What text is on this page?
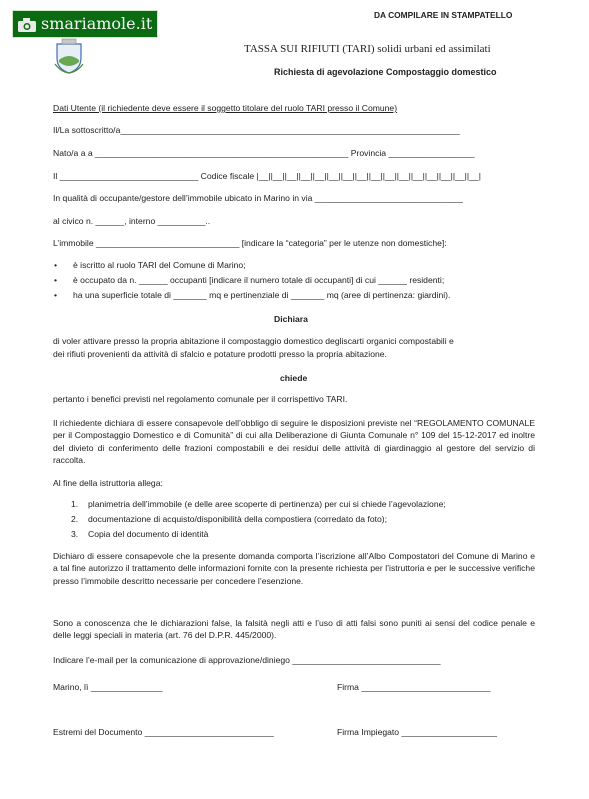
smariamole.it	DA COMPILARE IN STAMPATELLO
TASSA SUI RIFIUTI (TARI) solidi urbani ed assimilati
Richiesta di agevolazione Compostaggio domestico
Dati Utente (il richiedente deve essere il soggetto titolare del ruolo TARI presso il Comune)
Il/La sottoscritto/a_______________________________________________________________________
Nato/a a a _____________________________________________________ Provincia __________________
Il _____________________________ Codice fiscale |__||__||__||__||__||__||__||__||__||__||__||__||__||__||__||__|
In qualità di occupante/gestore dell’immobile ubicato in Marino in via _______________________________
al civico n. ______, interno __________..
L’immobile ______________________________ [indicare la “categoria” per le utenze non domestiche]:
• è iscritto al ruolo TARI del Comune di Marino;
• è occupato da n. ______ occupanti [indicare il numero totale di occupanti] di cui ______ residenti;
• ha una superficie totale di _______ mq e pertinenziale di _______ mq (aree di pertinenza: giardini).
Dichiara
di voler attivare presso la propria abitazione il compostaggio domestico degliscarti organici compostabili e
dei rifiuti provenienti da attività di sfalcio e potature prodotti presso la propria abitazione.
chiede
pertanto i benefici previsti nel regolamento comunale per il corrispettivo TARI.
Il richiedente dichiara di essere consapevole dell’obbligo di seguire le disposizioni previste nel “REGOLAMENTO COMUNALE per il Compostaggio Domestico e di Comunità” di cui alla Deliberazione di Giunta Comunale n° 109 del 15-12-2017 ed inoltre del divieto di conferimento delle frazioni compostabili e dei residui delle attività di giardinaggio al gestore del servizio di raccolta.
Al fine della istruttoria allega:
1. planimetria dell’immobile (e delle aree scoperte di pertinenza) per cui si chiede l’agevolazione;
2. documentazione di acquisto/disponibilità della compostiera (corredato da foto);
3. Copia del documento di identità
Dichiaro di essere consapevole che la presente domanda comporta l’iscrizione all’Albo Compostatori del Comune di Marino e a tal fine autorizzo il trattamento delle informazioni fornite con la presente richiesta per l’istruttoria e per le successive verifiche presso l’immobile descritto necessarie per concedere l’esenzione.
Sono a conoscenza che le dichiarazioni false, la falsità negli atti e l’uso di atti falsi sono puniti ai sensi del codice penale e delle leggi speciali in materia (art. 76 del D.P.R. 445/2000).
Indicare l’e-mail per la comunicazione di approvazione/diniego _______________________________
Marino, lì _______________	Firma ___________________________
Estremi del Documento ___________________________	Firma Impiegato ____________________
